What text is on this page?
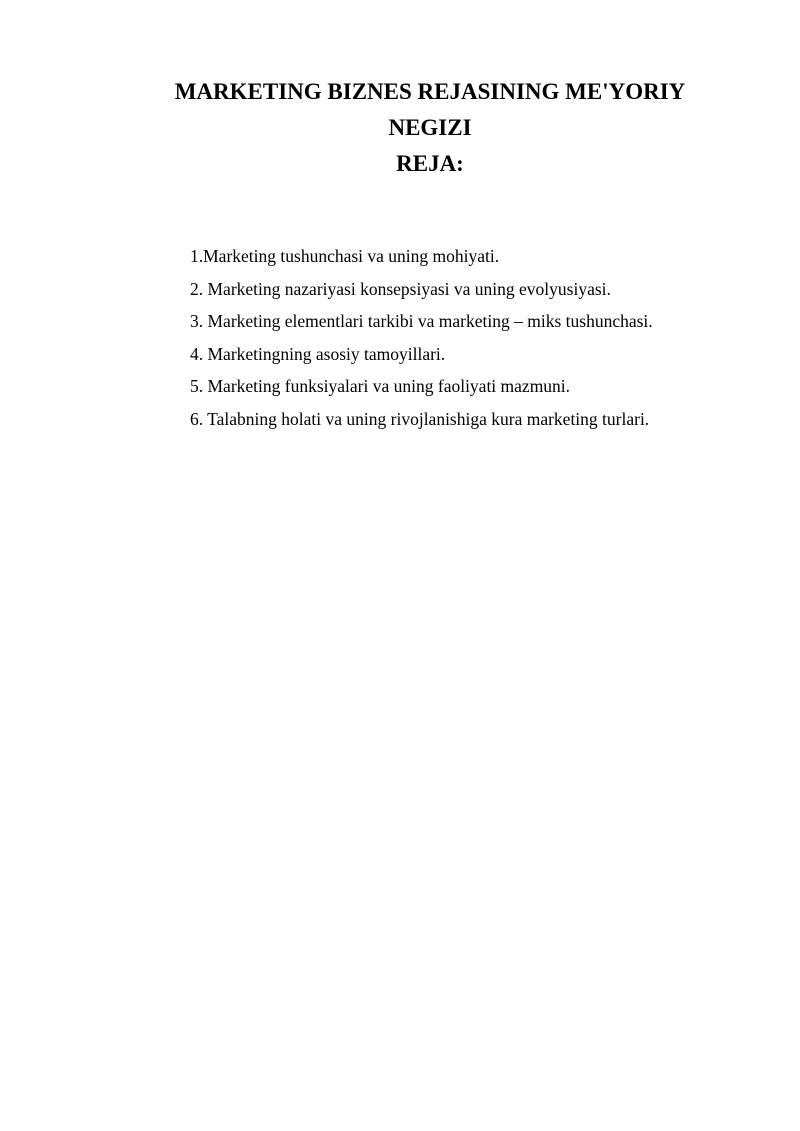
MARKETING BIZNES REJASINING ME'YORIY
NEGIZI
REJA:
1.Marketing tushunchasi va uning mohiyati.
2. Marketing nazariyasi konsepsiyasi va uning evolyusiyasi.
3. Marketing elementlari tarkibi va marketing – miks tushunchasi.
4. Marketingning asosiy tamoyillari.
5. Marketing funksiyalari va uning faoliyati mazmuni.
6. Talabning holati va uning rivojlanishiga kura marketing turlari.
